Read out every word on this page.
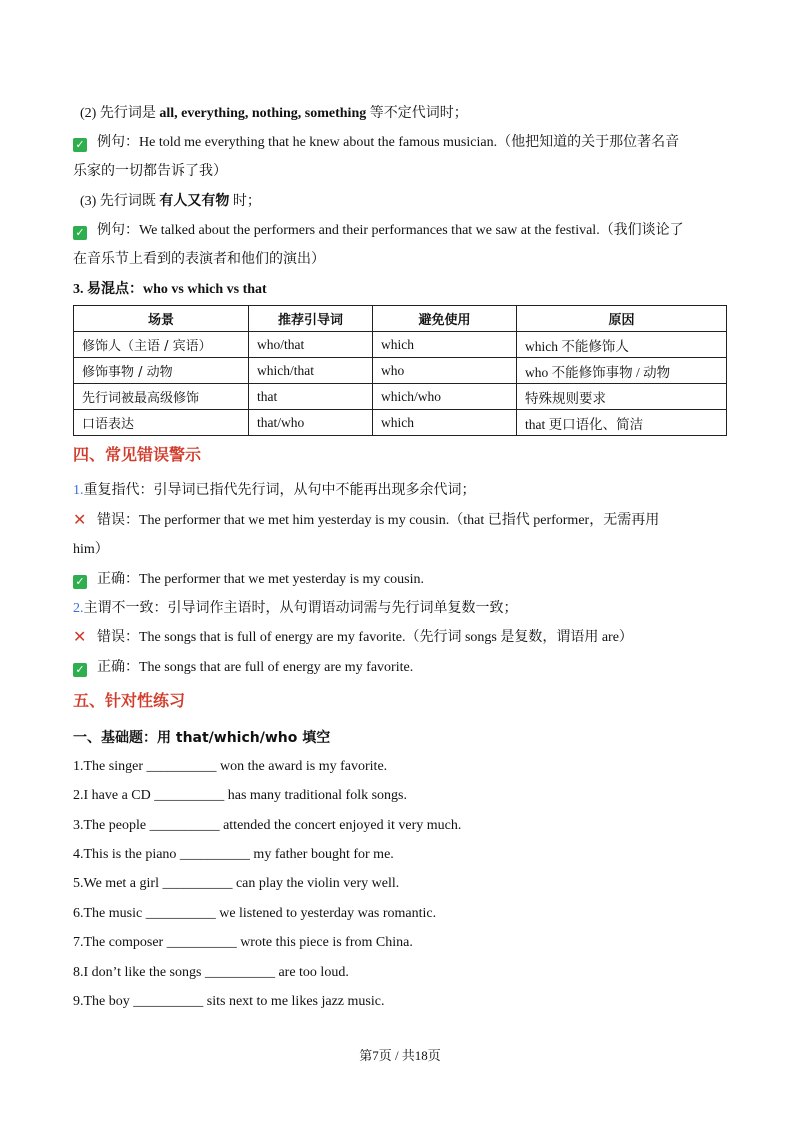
(2) 先行词是 all, everything, nothing, something 等不定代词时；
✓ 例句：He told me everything that he knew about the famous musician.（他把知道的关于那位著名音
乐家的一切都告诉了我）
(3) 先行词既 有人又有物 时；
✓ 例句：We talked about the performers and their performances that we saw at the festival.（我们谈论了
在音乐节上看到的表演者和他们的演出）
3. 易混点：who vs which vs that
场景	推荐引导词	避免使用	原因
修饰人（主语 / 宾语）	who/that	which	which 不能修饰人
修饰事物 / 动物	which/that	who	who 不能修饰事物 / 动物
先行词被最高级修饰	that	which/who	特殊规则要求
口语表达	that/who	which	that 更口语化、简洁
四、常见错误警示
1.重复指代：引导词已指代先行词，从句中不能再出现多余代词；
✕ 错误：The performer that we met him yesterday is my cousin.（that 已指代 performer，无需再用
him）
✓ 正确：The performer that we met yesterday is my cousin.
2.主谓不一致：引导词作主语时，从句谓语动词需与先行词单复数一致；
✕ 错误：The songs that is full of energy are my favorite.（先行词 songs 是复数，谓语用 are）
✓ 正确：The songs that are full of energy are my favorite.
五、针对性练习
一、基础题：用 that/which/who 填空
1.The singer __________ won the award is my favorite.
2.I have a CD __________ has many traditional folk songs.
3.The people __________ attended the concert enjoyed it very much.
4.This is the piano __________ my father bought for me.
5.We met a girl __________ can play the violin very well.
6.The music __________ we listened to yesterday was romantic.
7.The composer __________ wrote this piece is from China.
8.I don’t like the songs __________ are too loud.
9.The boy __________ sits next to me likes jazz music.
第7页 / 共18页
